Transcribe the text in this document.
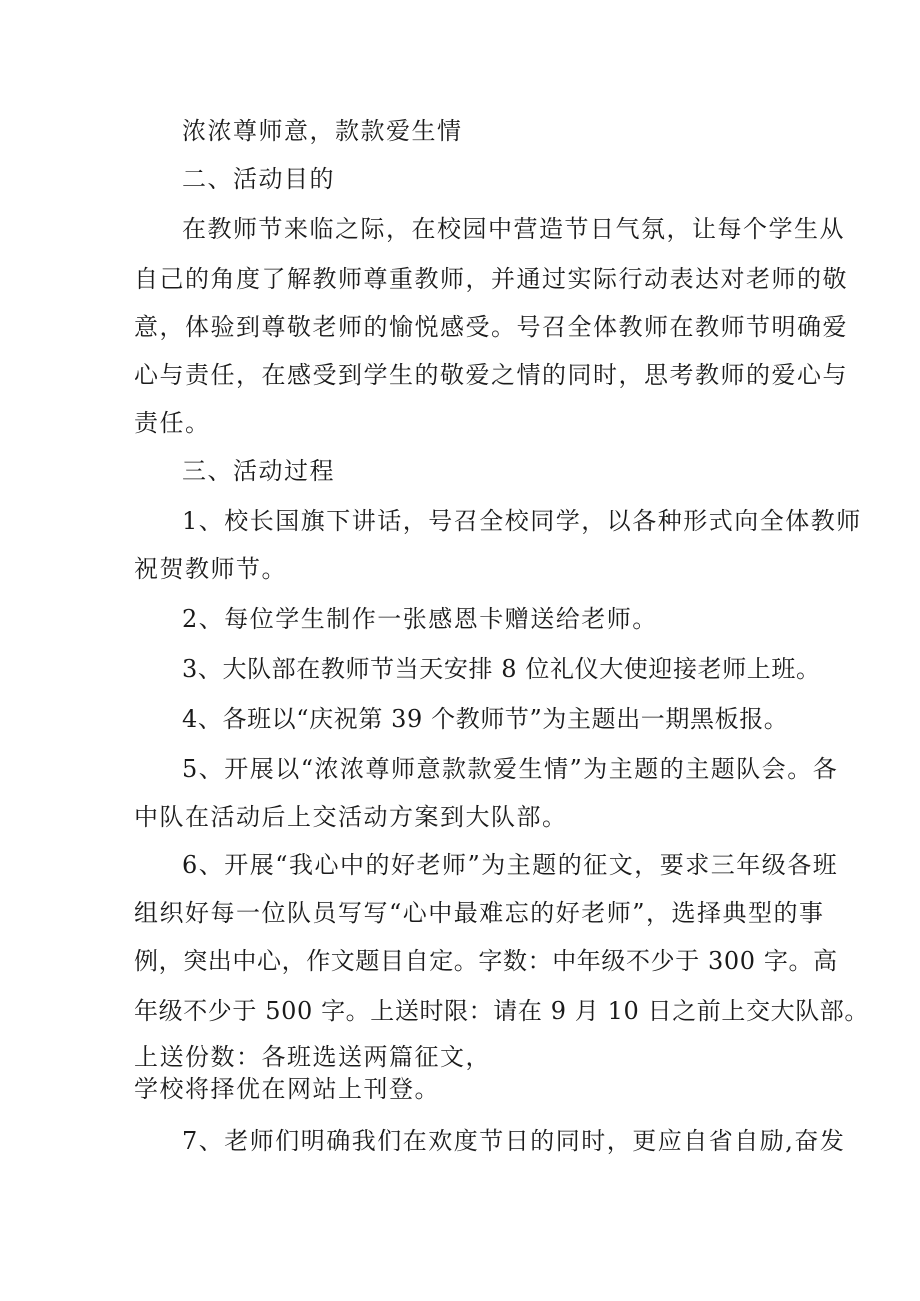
浓浓尊师意，款款爱生情
二、活动目的
在教师节来临之际，在校园中营造节日气氛，让每个学生从
自己的角度了解教师尊重教师，并通过实际行动表达对老师的敬
意，体验到尊敬老师的愉悦感受。号召全体教师在教师节明确爱
心与责任，在感受到学生的敬爱之情的同时，思考教师的爱心与
责任。
三、活动过程
1、校长国旗下讲话，号召全校同学，以各种形式向全体教师
祝贺教师节。
2、每位学生制作一张感恩卡赠送给老师。
3、大队部在教师节当天安排 8 位礼仪大使迎接老师上班。
4、各班以“庆祝第 39 个教师节”为主题出一期黑板报。
5、开展以“浓浓尊师意款款爱生情”为主题的主题队会。各
中队在活动后上交活动方案到大队部。
6、开展“我心中的好老师”为主题的征文，要求三年级各班
组织好每一位队员写写“心中最难忘的好老师”，选择典型的事
例，突出中心，作文题目自定。字数：中年级不少于 300 字。高
年级不少于 500 字。上送时限：请在 9 月 10 日之前上交大队部。
上送份数：各班选送两篇征文，
学校将择优在网站上刊登。
7、老师们明确我们在欢度节日的同时，更应自省自励,奋发
